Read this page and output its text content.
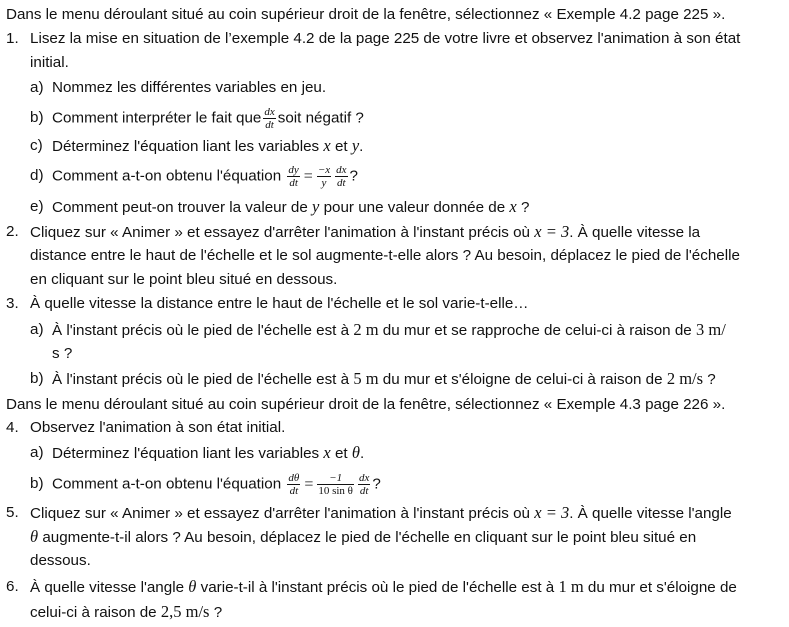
Dans le menu déroulant situé au coin supérieur droit de la fenêtre, sélectionnez « Exemple 4.2 page 225 ».
1. Lisez la mise en situation de l’exemple 4.2 de la page 225 de votre livre et observez l'animation à son état
initial.
a) Nommez les différentes variables en jeu.
b) Comment interpréter le fait que $\frac{dx}{dt}$ soit négatif ?
c) Déterminez l'équation liant les variables x et y.
d) Comment a-t-on obtenu l'équation $\frac{dy}{dt} = \frac{-x}{y} \frac{dx}{dt}$ ?
e) Comment peut-on trouver la valeur de y pour une valeur donnée de x ?
2. Cliquez sur « Animer » et essayez d'arrêter l'animation à l'instant précis où x = 3. À quelle vitesse la
distance entre le haut de l'échelle et le sol augmente-t-elle alors ? Au besoin, déplacez le pied de l'échelle
en cliquant sur le point bleu situé en dessous.
3. À quelle vitesse la distance entre le haut de l'échelle et le sol varie-t-elle…
a) À l'instant précis où le pied de l'échelle est à 2 m du mur et se rapproche de celui-ci à raison de 3 m/
s ?
b) À l'instant précis où le pied de l'échelle est à 5 m du mur et s'éloigne de celui-ci à raison de 2 m/s ?
Dans le menu déroulant situé au coin supérieur droit de la fenêtre, sélectionnez « Exemple 4.3 page 226 ».
4. Observez l'animation à son état initial.
a) Déterminez l'équation liant les variables x et θ.
b) Comment a-t-on obtenu l'équation $\frac{d\theta}{dt} = \frac{-1}{\text{10 sin θ}} \frac{dx}{dt}$ ?
5. Cliquez sur « Animer » et essayez d'arrêter l'animation à l'instant précis où x = 3. À quelle vitesse l'angle
θ augmente-t-il alors ? Au besoin, déplacez le pied de l'échelle en cliquant sur le point bleu situé en
dessous.
6. À quelle vitesse l'angle θ varie-t-il à l'instant précis où le pied de l'échelle est à 1 m du mur et s'éloigne de
celui-ci à raison de 2,5 m/s ?
